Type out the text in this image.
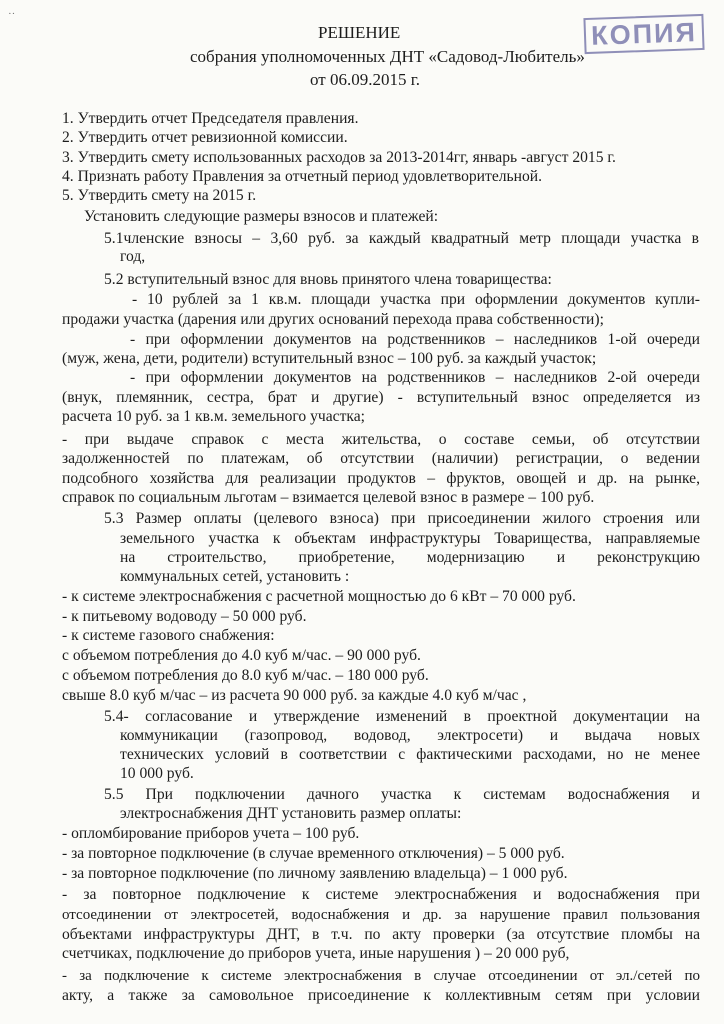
··
КОПИЯ
РЕШЕНИЕ
собрания уполномоченных ДНТ «Садовод-Любитель»
от 06.09.2015 г.
1. Утвердить отчет Председателя правления.
2. Утвердить отчет ревизионной комиссии.
3. Утвердить смету использованных расходов за 2013-2014гг, январь -август 2015 г.
4. Признать работу Правления за отчетный период удовлетворительной.
5. Утвердить смету на 2015 г.
Установить следующие размеры взносов и платежей:
5.1членские взносы – 3,60 руб. за каждый квадратный метр площади участка в
год,
5.2 вступительный взнос для вновь принятого члена товарищества:
- 10 рублей за 1 кв.м. площади участка при оформлении документов купли-
продажи участка (дарения или других оснований перехода права собственности);
- при оформлении документов на родственников – наследников 1-ой очереди
(муж, жена, дети, родители) вступительный взнос – 100 руб. за каждый участок;
- при оформлении документов на родственников – наследников 2-ой очереди
(внук, племянник, сестра, брат и другие) - вступительный взнос определяется из
расчета 10 руб. за 1 кв.м. земельного участка;
- при выдаче справок с места жительства, о составе семьи, об отсутствии
задолженностей по платежам, об отсутствии (наличии) регистрации, о ведении
подсобного хозяйства для реализации продуктов – фруктов, овощей и др. на рынке,
справок по социальным льготам – взимается целевой взнос в размере – 100 руб.
5.3 Размер оплаты (целевого взноса) при присоединении жилого строения или
земельного участка к объектам инфраструктуры Товарищества, направляемые
на строительство, приобретение, модернизацию и реконструкцию
коммунальных сетей, установить :
- к системе электроснабжения с расчетной мощностью до 6 кВт – 70 000 руб.
- к питьевому водоводу – 50 000 руб.
- к системе газового снабжения:
с объемом потребления до 4.0 куб м/час. – 90 000 руб.
с объемом потребления до 8.0 куб м/час. – 180 000 руб.
свыше 8.0 куб м/час – из расчета 90 000 руб. за каждые 4.0 куб м/час ,
5.4- согласование и утверждение изменений в проектной документации на
коммуникации (газопровод, водовод, электросети) и выдача новых
технических условий в соответствии с фактическими расходами, но не менее
10 000 руб.
5.5 При подключении дачного участка к системам водоснабжения и
электроснабжения ДНТ установить размер оплаты:
- опломбирование приборов учета – 100 руб.
- за повторное подключение (в случае временного отключения) – 5 000 руб.
- за повторное подключение (по личному заявлению владельца) – 1 000 руб.
- за повторное подключение к системе электроснабжения и водоснабжения при
отсоединении от электросетей, водоснабжения и др. за нарушение правил пользования
объектами инфраструктуры ДНТ, в т.ч. по акту проверки (за отсутствие пломбы на
счетчиках, подключение до приборов учета, иные нарушения ) – 20 000 руб,
- за подключение к системе электроснабжения в случае отсоединении от эл./сетей по
акту, а также за самовольное присоединение к коллективным сетям при условии
